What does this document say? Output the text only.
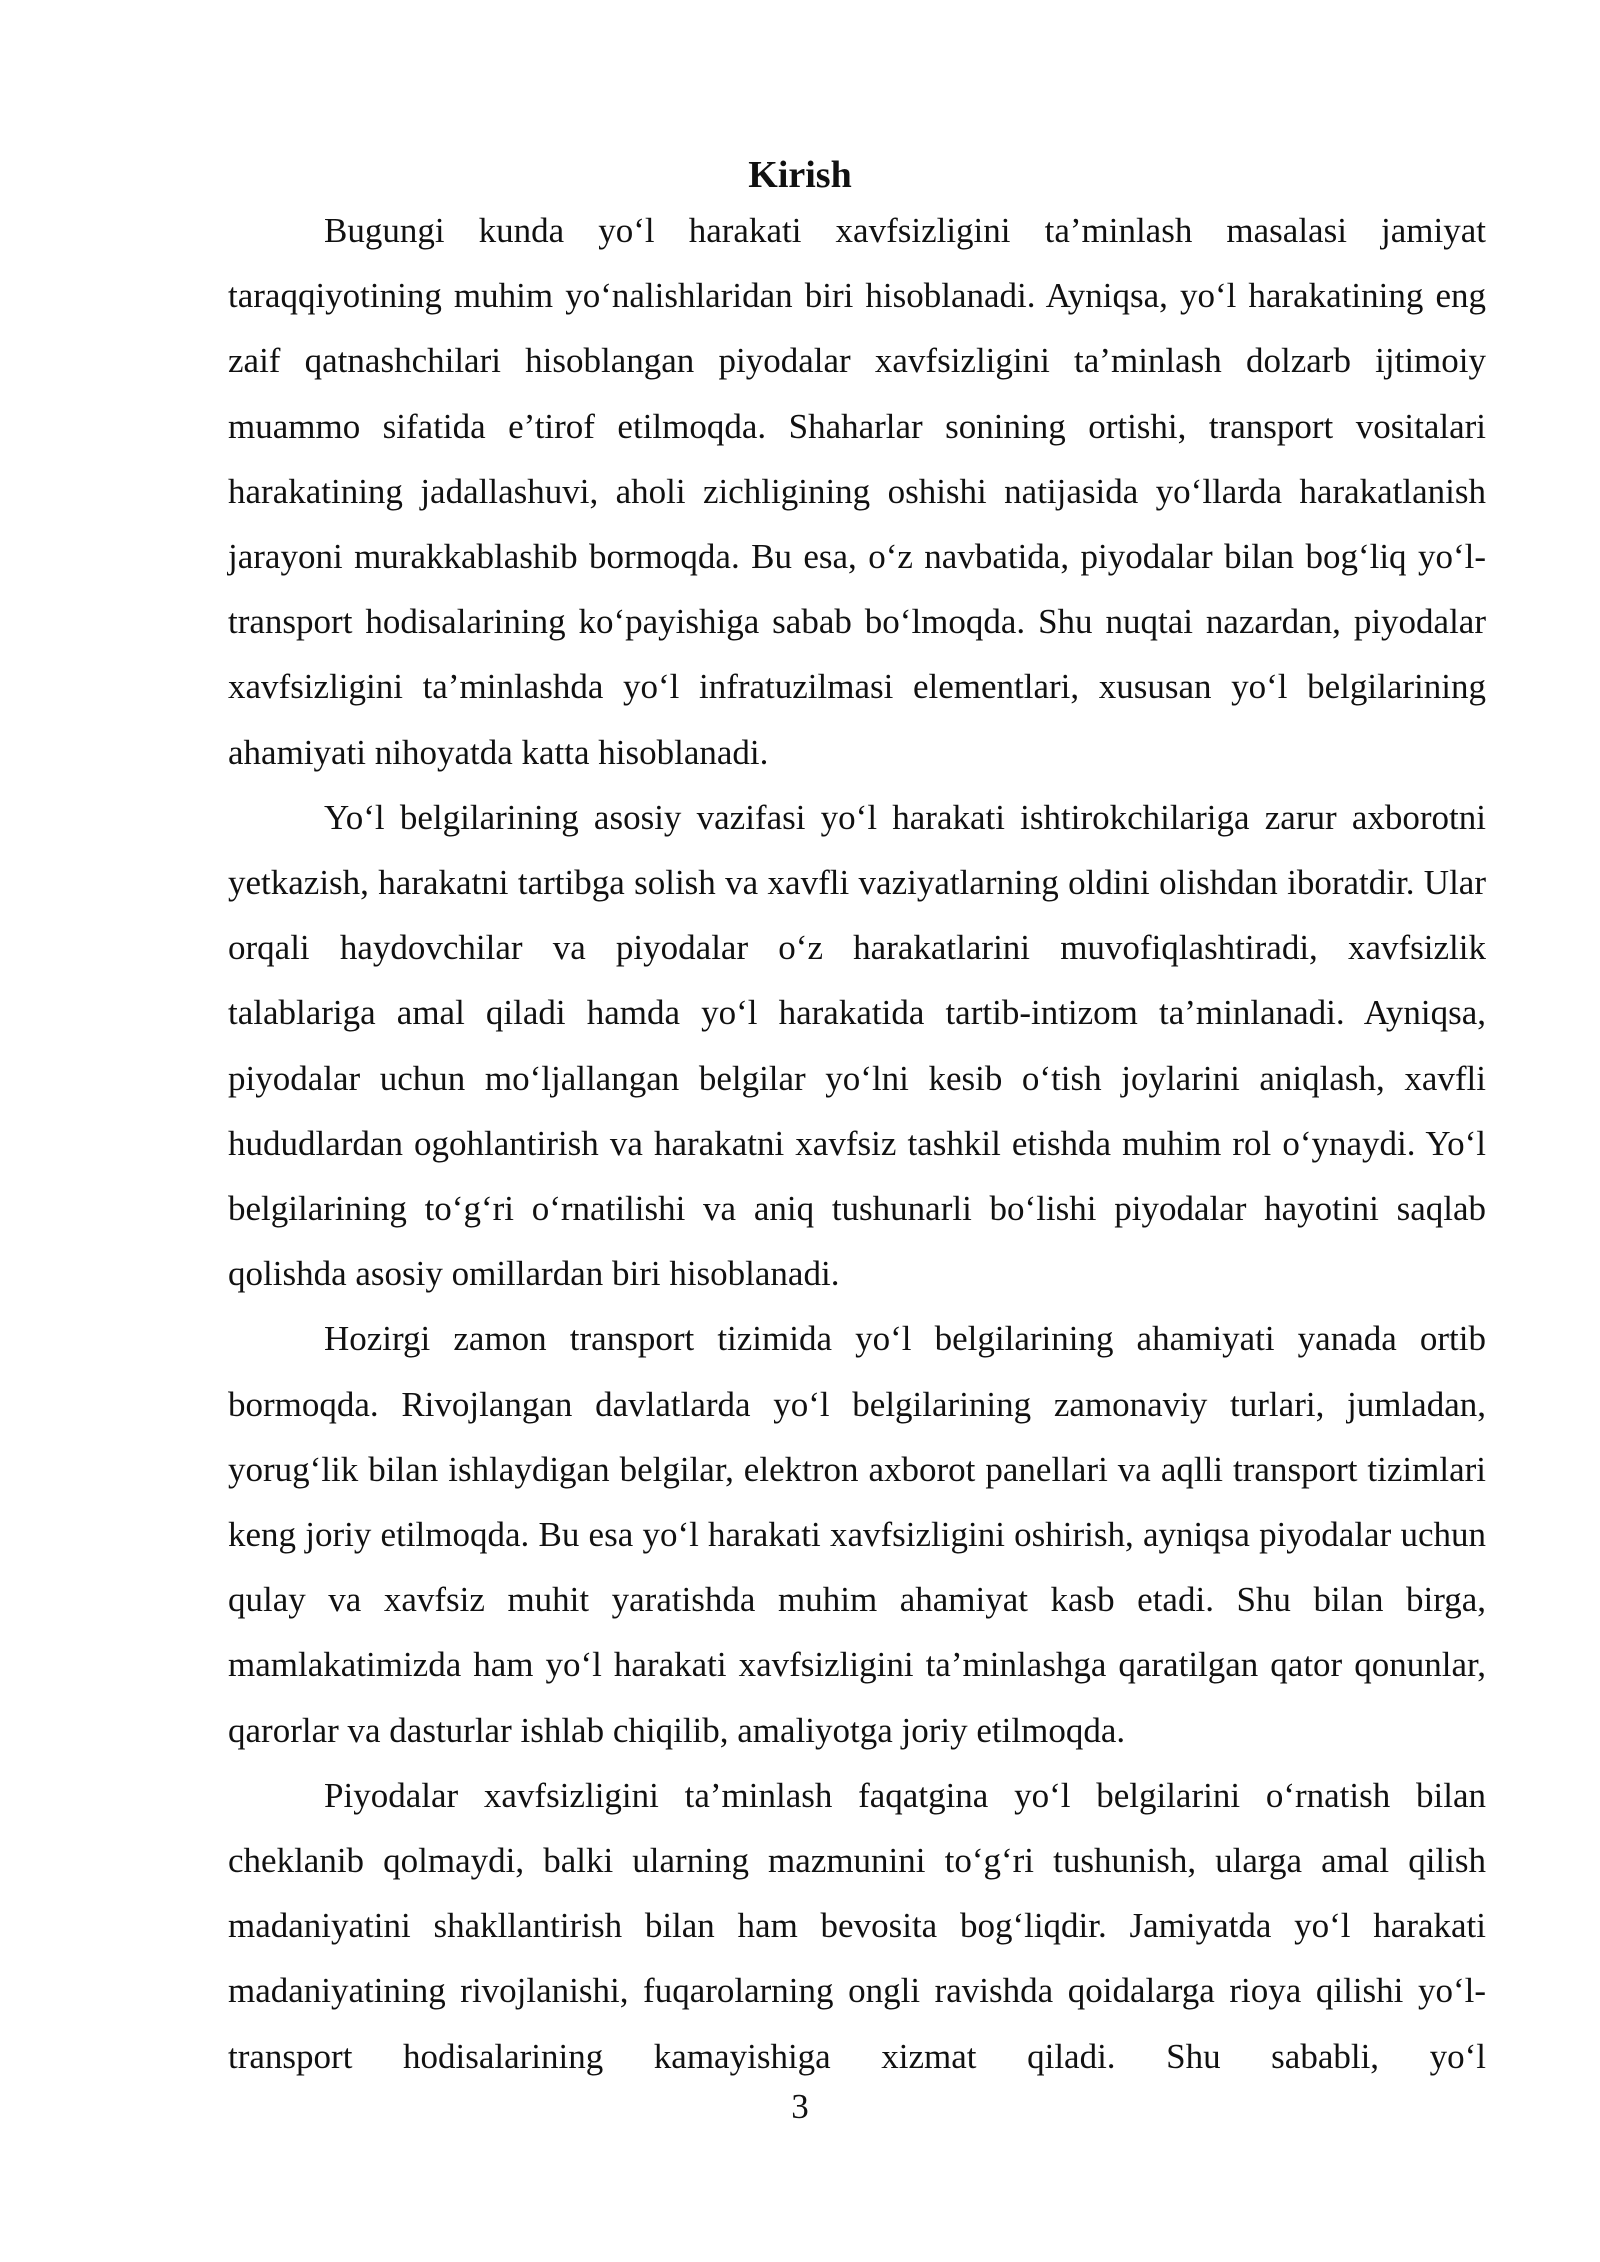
Kirish

Bugungi kunda yo‘l harakati xavfsizligini ta’minlash masalasi jamiyat taraqqiyotining muhim yo‘nalishlaridan biri hisoblanadi. Ayniqsa, yo‘l harakatining eng zaif qatnashchilari hisoblangan piyodalar xavfsizligini ta’minlash dolzarb ijtimoiy muammo sifatida e’tirof etilmoqda. Shaharlar sonining ortishi, transport vositalari harakatining jadallashuvi, aholi zichligining oshishi natijasida yo‘llarda harakatlanish jarayoni murakkablashib bormoqda. Bu esa, o‘z navbatida, piyodalar bilan bog‘liq yo‘l-transport hodisalarining ko‘payishiga sabab bo‘lmoqda. Shu nuqtai nazardan, piyodalar xavfsizligini ta’minlashda yo‘l infratuzilmasi elementlari, xususan yo‘l belgilarining ahamiyati nihoyatda katta hisoblanadi.

Yo‘l belgilarining asosiy vazifasi yo‘l harakati ishtirokchilariga zarur axborotni yetkazish, harakatni tartibga solish va xavfli vaziyatlarning oldini olishdan iboratdir. Ular orqali haydovchilar va piyodalar o‘z harakatlarini muvofiqlashtiradi, xavfsizlik talablariga amal qiladi hamda yo‘l harakatida tartib-intizom ta’minlanadi. Ayniqsa, piyodalar uchun mo‘ljallangan belgilar yo‘lni kesib o‘tish joylarini aniqlash, xavfli hududlardan ogohlantirish va harakatni xavfsiz tashkil etishda muhim rol o‘ynaydi. Yo‘l belgilarining to‘g‘ri o‘rnatilishi va aniq tushunarli bo‘lishi piyodalar hayotini saqlab qolishda asosiy omillardan biri hisoblanadi.

Hozirgi zamon transport tizimida yo‘l belgilarining ahamiyati yanada ortib bormoqda. Rivojlangan davlatlarda yo‘l belgilarining zamonaviy turlari, jumladan, yorug‘lik bilan ishlaydigan belgilar, elektron axborot panellari va aqlli transport tizimlari keng joriy etilmoqda. Bu esa yo‘l harakati xavfsizligini oshirish, ayniqsa piyodalar uchun qulay va xavfsiz muhit yaratishda muhim ahamiyat kasb etadi. Shu bilan birga, mamlakatimizda ham yo‘l harakati xavfsizligini ta’minlashga qaratilgan qator qonunlar, qarorlar va dasturlar ishlab chiqilib, amaliyotga joriy etilmoqda.

Piyodalar xavfsizligini ta’minlash faqatgina yo‘l belgilarini o‘rnatish bilan cheklanib qolmaydi, balki ularning mazmunini to‘g‘ri tushunish, ularga amal qilish madaniyatini shakllantirish bilan ham bevosita bog‘liqdir. Jamiyatda yo‘l harakati madaniyatining rivojlanishi, fuqarolarning ongli ravishda qoidalarga rioya qilishi yo‘l-transport hodisalarining kamayishiga xizmat qiladi. Shu sababli, yo‘l

3
